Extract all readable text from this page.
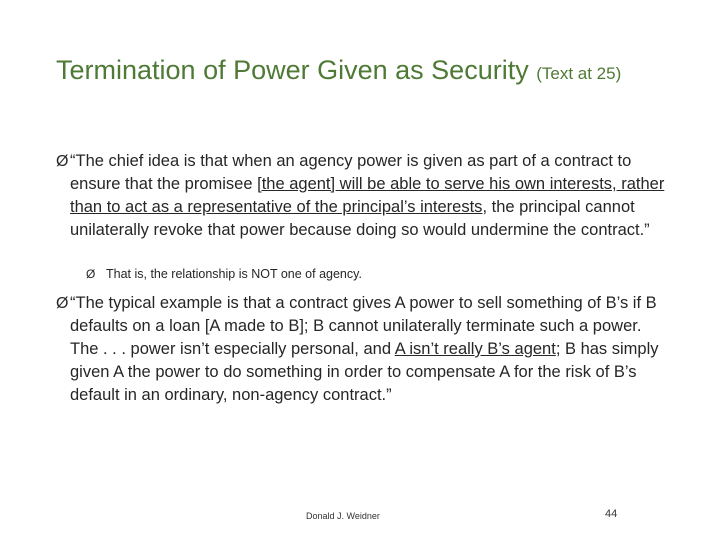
Termination of Power Given as Security (Text at 25)
Ø “The chief idea is that when an agency power is given as part of a contract to ensure that the promisee [the agent] will be able to serve his own interests, rather than to act as a representative of the principal’s interests, the principal cannot unilaterally revoke that power because doing so would undermine the contract.”
Ø That is, the relationship is NOT one of agency.
Ø “The typical example is that a contract gives A power to sell something of B’s if B defaults on a loan [A made to B]; B cannot unilaterally terminate such a power. The . . . power isn’t especially personal, and A isn’t really B’s agent; B has simply given A the power to do something in order to compensate A for the risk of B’s default in an ordinary, non-agency contract.”
Donald J. Weidner	44
